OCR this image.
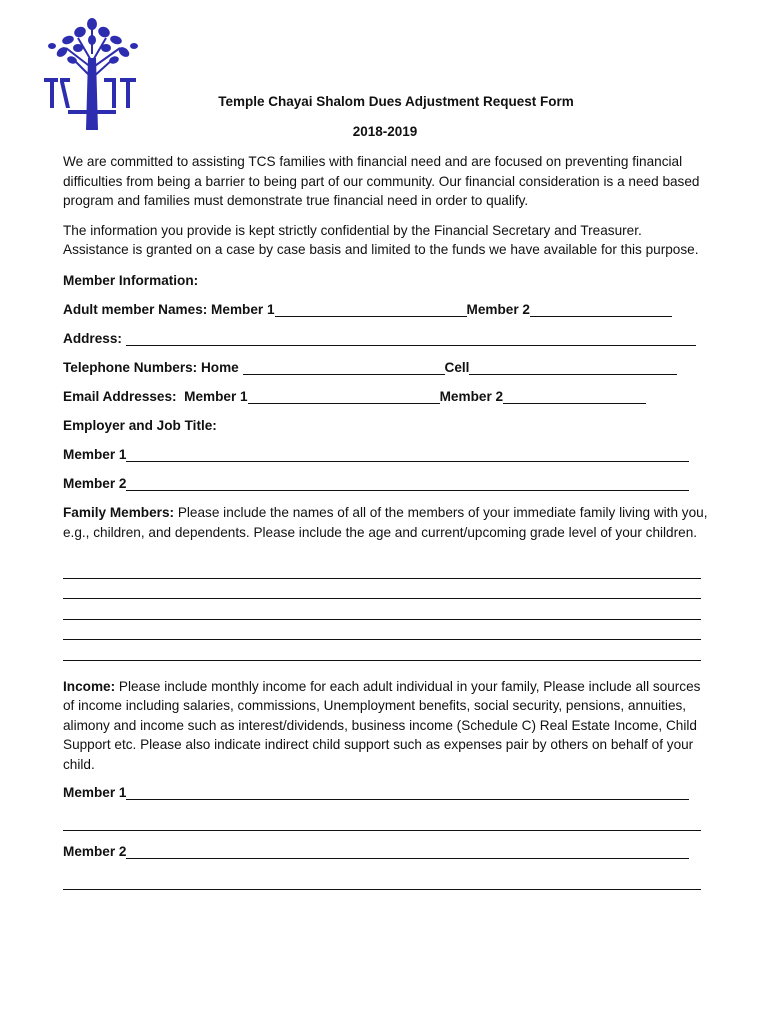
Temple Chayai Shalom Dues Adjustment Request Form
2018-2019

We are committed to assisting TCS families with financial need and are focused on preventing financial difficulties from being a barrier to being part of our community. Our financial consideration is a need based program and families must demonstrate true financial need in order to qualify.

The information you provide is kept strictly confidential by the Financial Secretary and Treasurer. Assistance is granted on a case by case basis and limited to the funds we have available for this purpose.

Member Information:
Adult member Names: Member 1	Member 2
Address:
Telephone Numbers: Home	Cell
Email Addresses:  Member 1	Member 2
Employer and Job Title:
Member 1
Member 2

Family Members: Please include the names of all of the members of your immediate family living with you, e.g., children, and dependents. Please include the age and current/upcoming grade level of your children.

Income: Please include monthly income for each adult individual in your family, Please include all sources of income including salaries, commissions, Unemployment benefits, social security, pensions, annuities, alimony and income such as interest/dividends, business income (Schedule C) Real Estate Income, Child Support etc. Please also indicate indirect child support such as expenses pair by others on behalf of your child.

Member 1
Member 2
